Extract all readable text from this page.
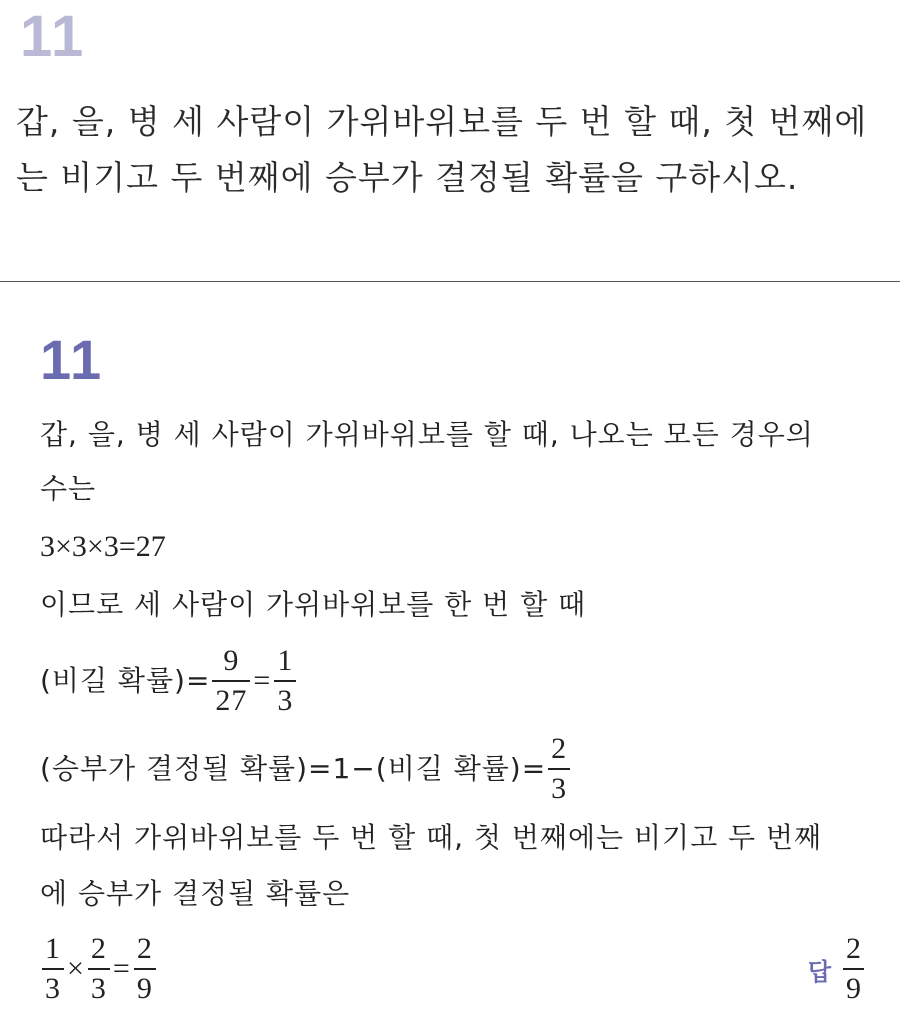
11
갑, 을, 병 세 사람이 가위바위보를 두 번 할 때, 첫 번째에
는 비기고 두 번째에 승부가 결정될 확률을 구하시오.
11
갑, 을, 병 세 사람이 가위바위보를 할 때, 나오는 모든 경우의
수는
3×3×3=27
이므로 세 사람이 가위바위보를 한 번 할 때
(비길 확률)= $\frac{9}{27} = \frac{1}{3}$
(승부가 결정될 확률)=1−(비길 확률)= $\frac{2}{3}$
따라서 가위바위보를 두 번 할 때, 첫 번째에는 비기고 두 번째
에 승부가 결정될 확률은
$\frac{1}{3} \times \frac{2}{3} = \frac{2}{9}$	답 $\frac{2}{9}$
